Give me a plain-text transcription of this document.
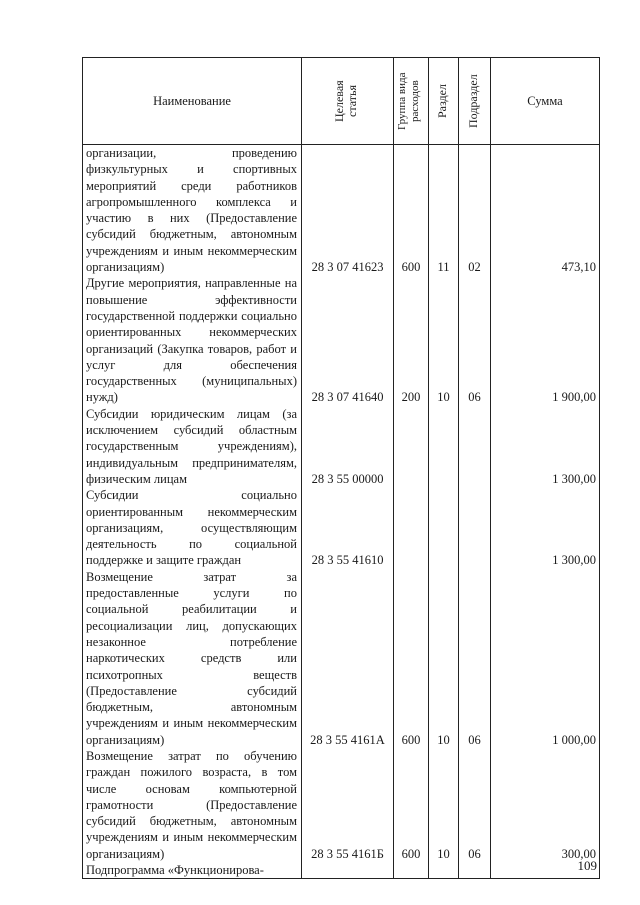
Наименование	Целевая статья	Группа вида расходов	Раздел	Подраздел	Сумма
организации, проведению физкультурных и спортивных мероприятий среди работников агропромышленного комплекса и участию в них (Предоставление субсидий бюджетным, автономным учреждениям и иным некоммерческим организациям)	28 3 07 41623	600	11	02	473,10
Другие мероприятия, направленные на повышение эффективности государственной поддержки социально ориентированных некоммерческих организаций (Закупка товаров, работ и услуг для обеспечения государственных (муниципальных) нужд)	28 3 07 41640	200	10	06	1 900,00
Субсидии юридическим лицам (за исключением субсидий областным государственным учреждениям), индивидуальным предпринимателям, физическим лицам	28 3 55 00000				1 300,00
Субсидии социально ориентированным некоммерческим организациям, осуществляющим деятельность по социальной поддержке и защите граждан	28 3 55 41610				1 300,00
Возмещение затрат за предоставленные услуги по социальной реабилитации и ресоциализации лиц, допускающих незаконное потребление наркотических средств или психотропных веществ (Предоставление субсидий бюджетным, автономным учреждениям и иным некоммерческим организациям)	28 3 55 4161А	600	10	06	1 000,00
Возмещение затрат по обучению граждан пожилого возраста, в том числе основам компьютерной грамотности (Предоставление субсидий бюджетным, автономным учреждениям и иным некоммерческим организациям)	28 3 55 4161Б	600	10	06	300,00
Подпрограмма «Функционирова-						109
